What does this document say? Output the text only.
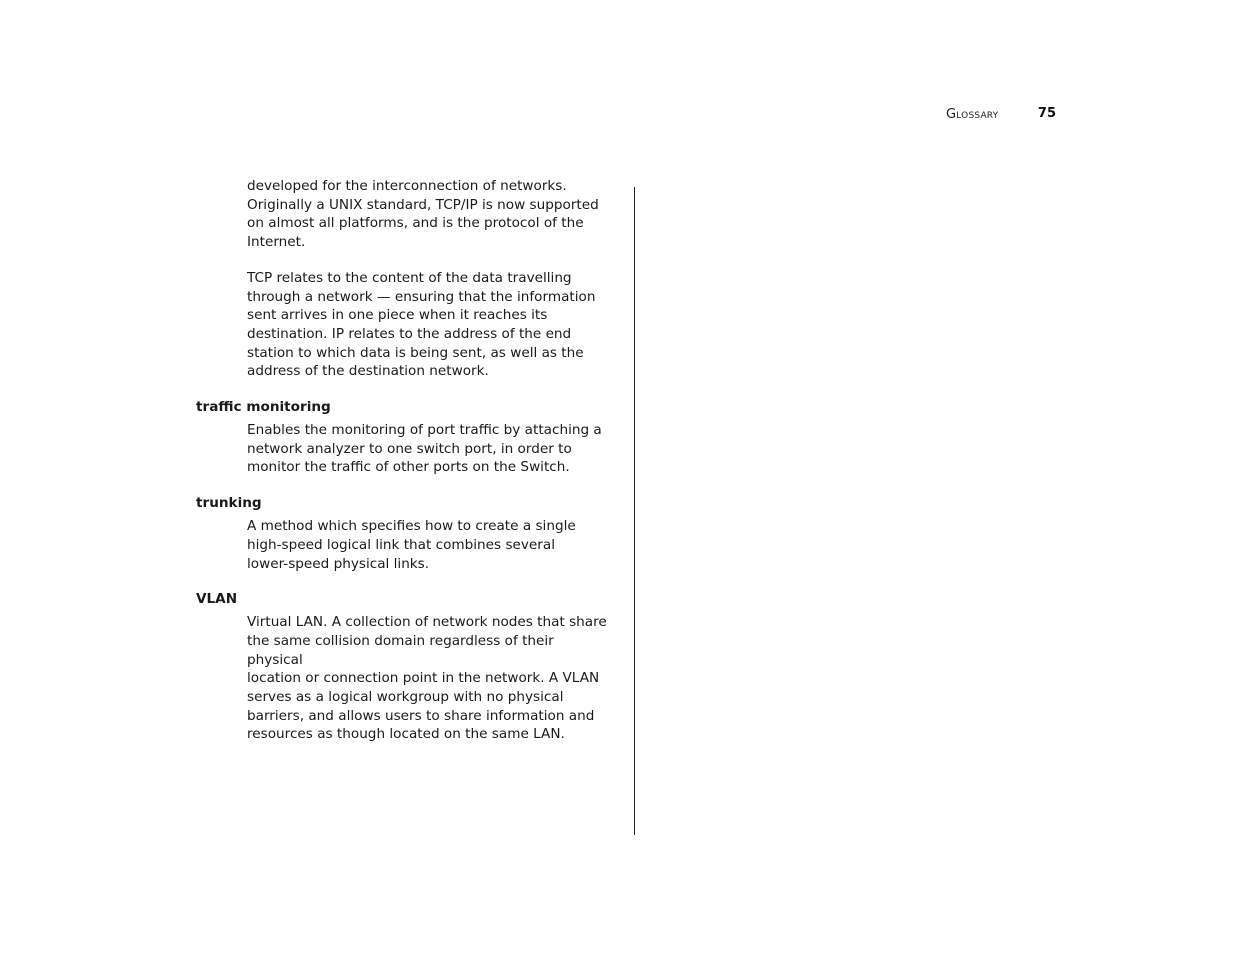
Glossary	75

developed for the interconnection of networks.
Originally a UNIX standard, TCP/IP is now supported
on almost all platforms, and is the protocol of the
Internet.

TCP relates to the content of the data travelling
through a network — ensuring that the information
sent arrives in one piece when it reaches its
destination. IP relates to the address of the end
station to which data is being sent, as well as the
address of the destination network.

traffic monitoring

Enables the monitoring of port traffic by attaching a
network analyzer to one switch port, in order to
monitor the traffic of other ports on the Switch.

trunking

A method which specifies how to create a single
high-speed logical link that combines several
lower-speed physical links.

VLAN

Virtual LAN. A collection of network nodes that share
the same collision domain regardless of their physical
location or connection point in the network. A VLAN
serves as a logical workgroup with no physical
barriers, and allows users to share information and
resources as though located on the same LAN.
